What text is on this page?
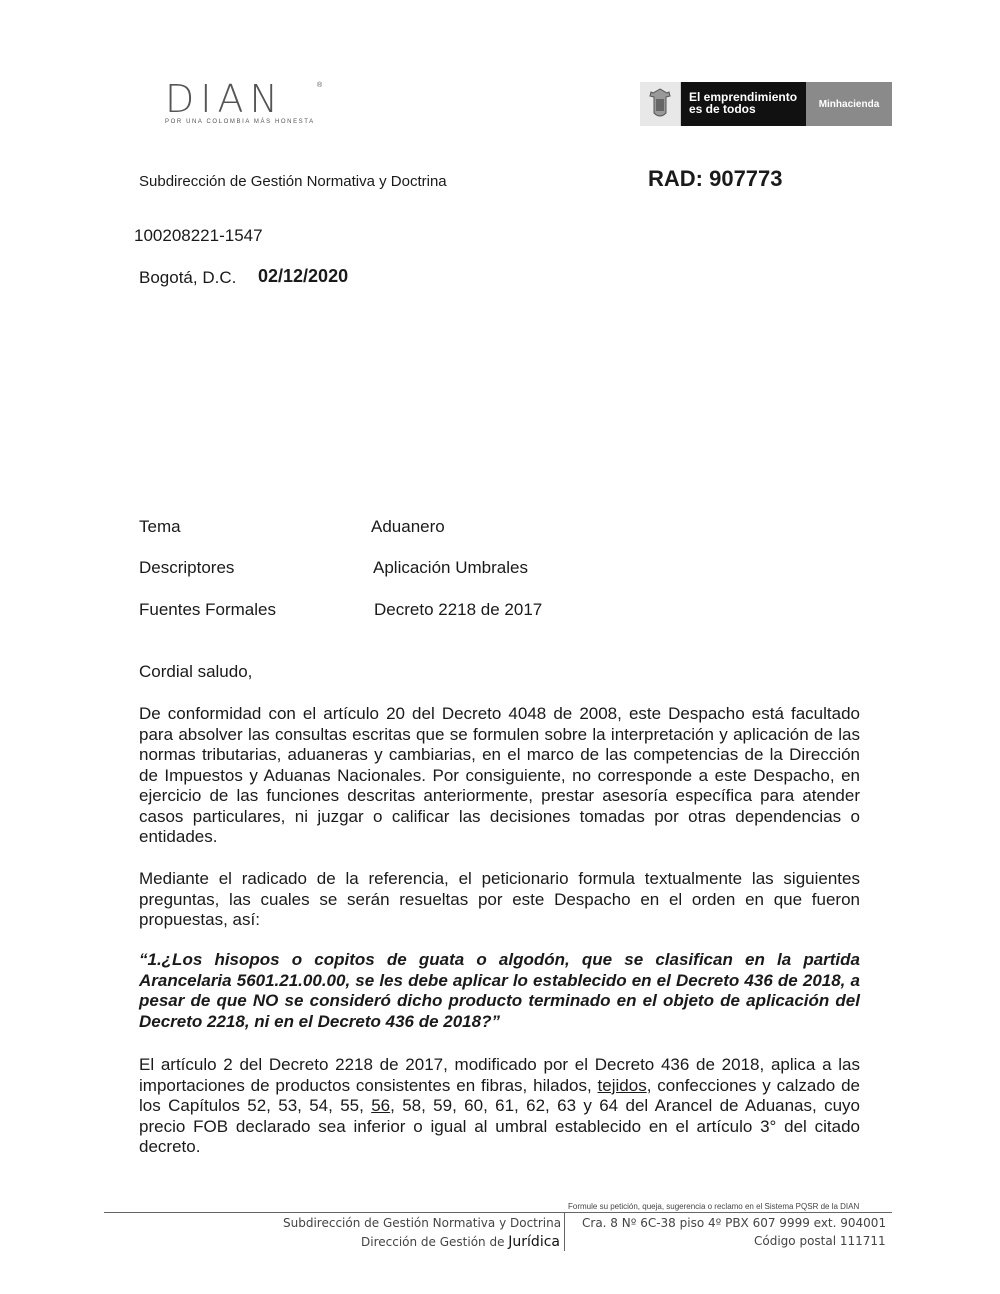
DIAN	®
POR UNA COLOMBIA MÁS HONESTA
El emprendimiento
es de todos	Minhacienda
Subdirección de Gestión Normativa y Doctrina	RAD: 907773
100208221-1547
Bogotá, D.C. 02/12/2020
Tema	Aduanero
Descriptores	Aplicación Umbrales
Fuentes Formales	Decreto 2218 de 2017
Cordial saludo,
De conformidad con el artículo 20 del Decreto 4048 de 2008, este Despacho está facultado para absolver las consultas escritas que se formulen sobre la interpretación y aplicación de las normas tributarias, aduaneras y cambiarias, en el marco de las competencias de la Dirección de Impuestos y Aduanas Nacionales. Por consiguiente, no corresponde a este Despacho, en ejercicio de las funciones descritas anteriormente, prestar asesoría específica para atender casos particulares, ni juzgar o calificar las decisiones tomadas por otras dependencias o entidades.
Mediante el radicado de la referencia, el peticionario formula textualmente las siguientes preguntas, las cuales se serán resueltas por este Despacho en el orden en que fueron propuestas, así:
“1.¿Los hisopos o copitos de guata o algodón, que se clasifican en la partida Arancelaria 5601.21.00.00, se les debe aplicar lo establecido en el Decreto 436 de 2018, a pesar de que NO se consideró dicho producto terminado en el objeto de aplicación del Decreto 2218, ni en el Decreto 436 de 2018?”
El artículo 2 del Decreto 2218 de 2017, modificado por el Decreto 436 de 2018, aplica a las importaciones de productos consistentes en fibras, hilados, tejidos, confecciones y calzado de los Capítulos 52, 53, 54, 55, 56, 58, 59, 60, 61, 62, 63 y 64 del Arancel de Aduanas, cuyo precio FOB declarado sea inferior o igual al umbral establecido en el artículo 3° del citado decreto.
Formule su petición, queja, sugerencia o reclamo en el Sistema PQSR de la DIAN
Subdirección de Gestión Normativa y Doctrina
Dirección de Gestión de Jurídica
Cra. 8 Nº 6C-38 piso 4º PBX 607 9999 ext. 904001
Código postal 111711
